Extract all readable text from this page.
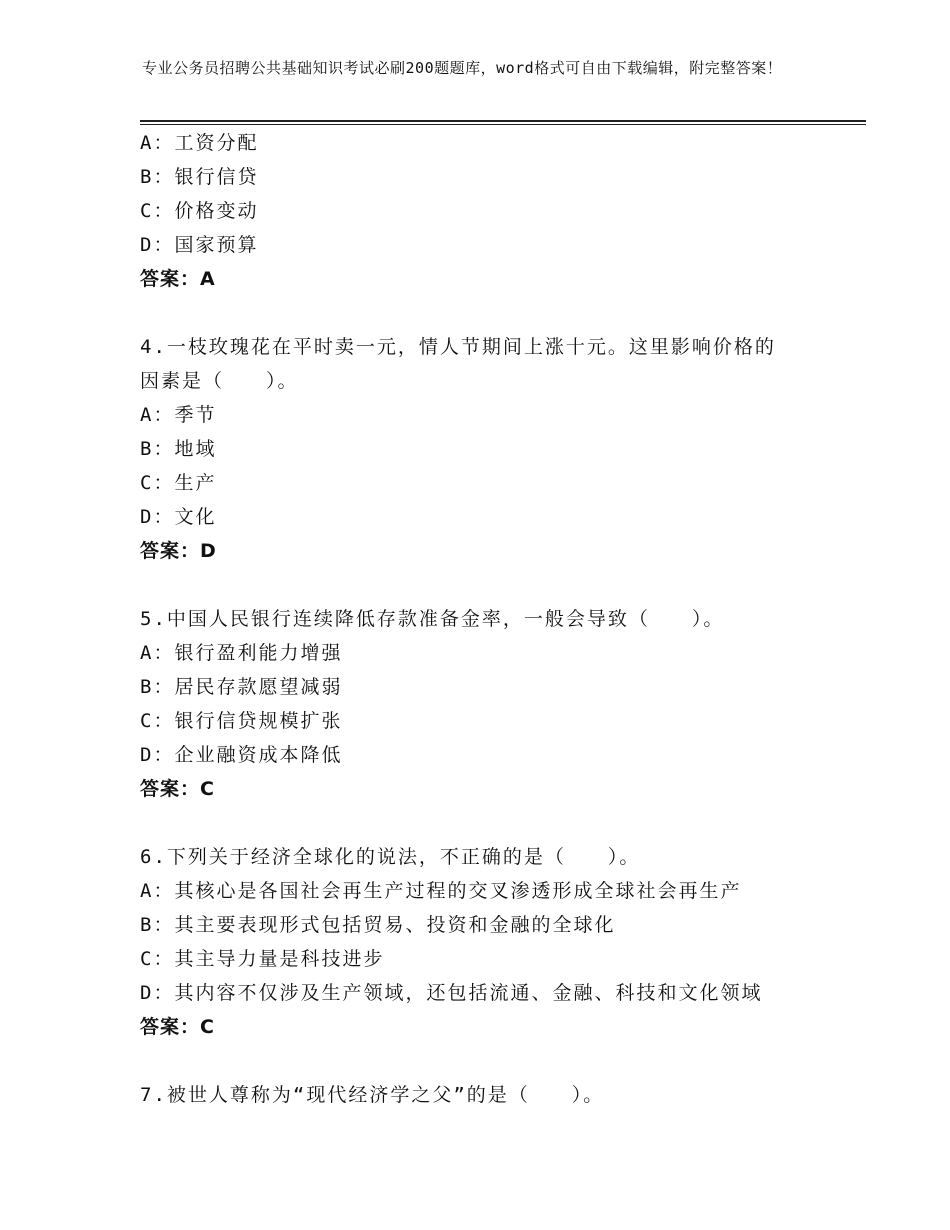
专业公务员招聘公共基础知识考试必刷200题题库，word格式可自由下载编辑，附完整答案！
A：工资分配
B：银行信贷
C：价格变动
D：国家预算
答案：A
4.一枝玫瑰花在平时卖一元，情人节期间上涨十元。这里影响价格的
因素是（　　）。
A：季节
B：地域
C：生产
D：文化
答案：D
5.中国人民银行连续降低存款准备金率，一般会导致（　　）。
A：银行盈利能力增强
B：居民存款愿望减弱
C：银行信贷规模扩张
D：企业融资成本降低
答案：C
6.下列关于经济全球化的说法，不正确的是（　　）。
A：其核心是各国社会再生产过程的交叉渗透形成全球社会再生产
B：其主要表现形式包括贸易、投资和金融的全球化
C：其主导力量是科技进步
D：其内容不仅涉及生产领域，还包括流通、金融、科技和文化领域
答案：C
7.被世人尊称为“现代经济学之父”的是（　　）。
